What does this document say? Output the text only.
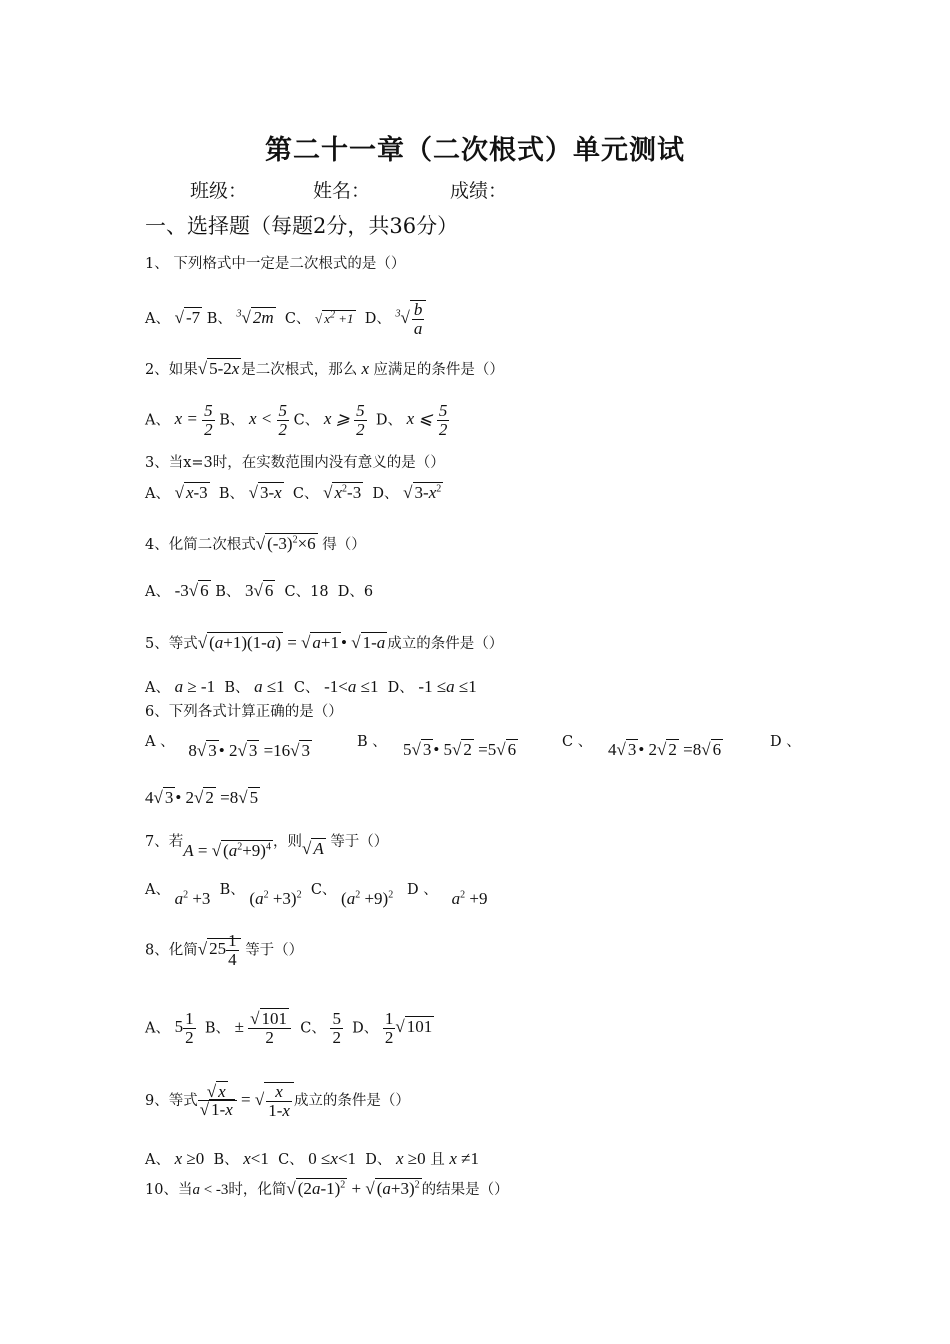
第二十一章（二次根式）单元测试
班级：	姓名：	成绩：
一、选择题（每题2分，共36分）
1、 下列格式中一定是二次根式的是（）
A、 √ -7 B、 $^3$√ 2m C、 √ $x^2 +1$ D、 $^3√ \frac{b}{a}$
2、如果√ 5-2x 是二次根式，那么 x 应满足的条件是（）
A、 $x = \frac{5}{2}$ B、 $x < \frac{5}{2}$ C、 x ⩾ $\frac{5}{2}$ D、 x ⩽ $\frac{5}{2}$
3、当x=3时，在实数范围内没有意义的是（）
A、 √ x-3 B、 √ 3-x C、 √ $x^2-3$ D、 √ $3-x^2$
4、化简二次根式√ $(-3)^2\times 6$ 得（）
A、 -3√ 6 B、 3√ 6 C、18 D、6
5、等式√ (a+1)(1-a) = √ a+1 • √ 1-a 成立的条件是（）
A、 a ≥ -1 B、 a ≤1 C、 -1<a ≤1 D、 -1 ≤a ≤1
6、下列各式计算正确的是（）
A 、 8√ 3 • 2√ 3 =16√ 3	B 、 5√ 3 • 5√ 2 =5√ 6	C 、 4√ 3 • 2√ 2 =8√ 6	D 、
4√ 3 • 2√ 2 =8√ 5
7、若A = √ $(a^2+9)^4$ ，则√ A 等于（）
A、 $a^2 +3$ B、 $(a^2 +3)^2$ C、 $(a^2 +9)^2$ D 、 $a^2 +9$
8、化简√ $25 \frac{1}{4}$ 等于（）
A、 $5 \frac{1}{2}$ B、 ± $\frac{√ 101}{2}$ C、 $\frac{5}{2}$ D、 $\frac{1}{2}$ √ 101
9、等式 $\frac{√ x}{√ 1-x}$ = √ $\frac{x}{1-x}$ 成立的条件是（）
A、 x ≥0 B、 x<1 C、 0 ≤x<1 D、 x ≥0 且 x ≠1
10、当a < -3时，化简√ $(2a-1)^2$ + √ $(a+3)^2$ 的结果是（）
